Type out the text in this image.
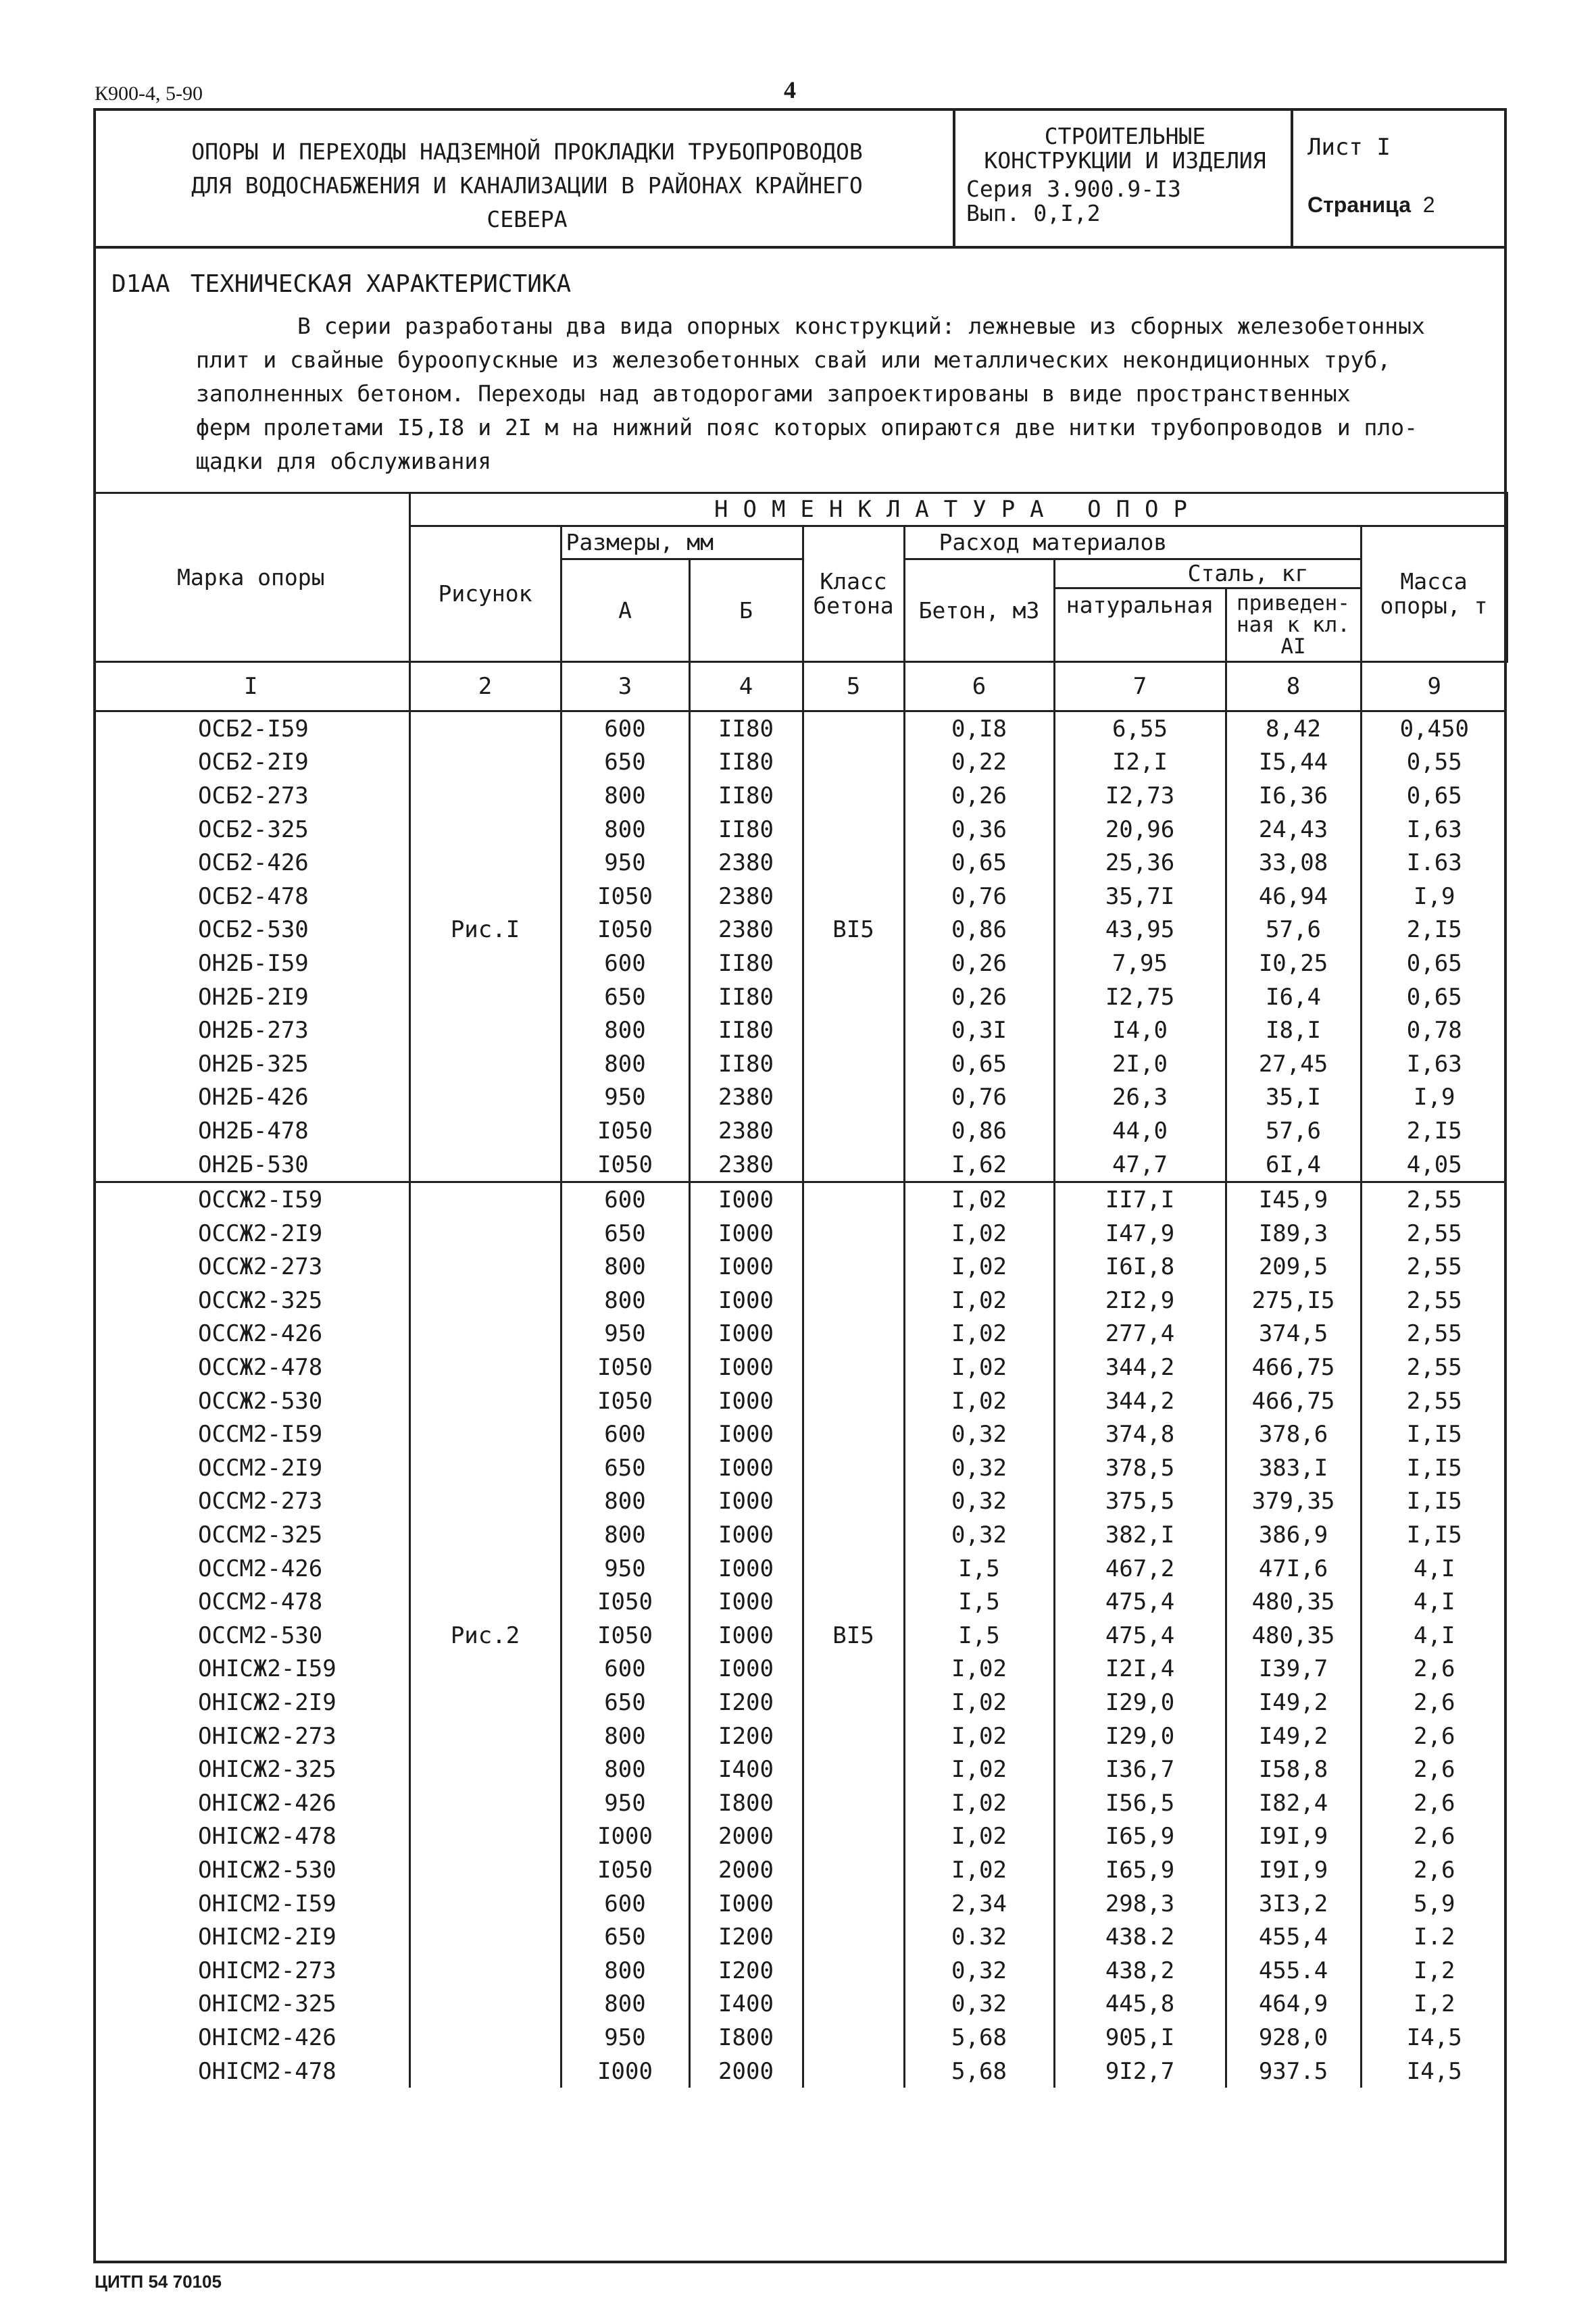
К900-4, 5-90	4
ОПОРЫ И ПЕРЕХОДЫ НАДЗЕМНОЙ ПРОКЛАДКИ ТРУБОПРОВОДОВ
ДЛЯ ВОДОСНАБЖЕНИЯ И КАНАЛИЗАЦИИ В РАЙОНАХ КРАЙНЕГО
СЕВЕРА
СТРОИТЕЛЬНЫЕ
КОНСТРУКЦИИ И ИЗДЕЛИЯ
Серия 3.900.9-I3
Вып. 0,I,2
Лист I
Страница 2
D1AA ТЕХНИЧЕСКАЯ ХАРАКТЕРИСТИКА
В серии разработаны два вида опорных конструкций: лежневые из сборных железобетонных
плит и свайные буроопускные из железобетонных свай или металлических некондиционных труб,
заполненных бетоном. Переходы над автодорогами запроектированы в виде пространственных
ферм пролетами I5,I8 и 2I м на нижний пояс которых опираются две нитки трубопроводов и пло-
щадки для обслуживания
Марка опоры	НОМЕНКЛАТУРА ОПОР							
	Рисунок	Размеры, мм		Класс бетона	Расход материалов			Масса опоры, т
		А	Б		Бетон, м3	Сталь, кг		
						натуральная	приведен-ная к кл. AI	
I	2	3	4	5	6	7	8	9
ОСБ2-I59		600	II80		0,I8	6,55	8,42	0,450
ОСБ2-2I9		650	II80		0,22	I2,I	I5,44	0,55
ОСБ2-273		800	II80		0,26	I2,73	I6,36	0,65
ОСБ2-325		800	II80		0,36	20,96	24,43	I,63
ОСБ2-426		950	2380		0,65	25,36	33,08	I.63
ОСБ2-478		I050	2380		0,76	35,7I	46,94	I,9
ОСБ2-530	Рис.I	I050	2380	BI5	0,86	43,95	57,6	2,I5
ОН2Б-I59		600	II80		0,26	7,95	I0,25	0,65
ОН2Б-2I9		650	II80		0,26	I2,75	I6,4	0,65
ОН2Б-273		800	II80		0,3I	I4,0	I8,I	0,78
ОН2Б-325		800	II80		0,65	2I,0	27,45	I,63
ОН2Б-426		950	2380		0,76	26,3	35,I	I,9
ОН2Б-478		I050	2380		0,86	44,0	57,6	2,I5
ОН2Б-530		I050	2380		I,62	47,7	6I,4	4,05
ОССЖ2-I59		600	I000		I,02	II7,I	I45,9	2,55
ОССЖ2-2I9		650	I000		I,02	I47,9	I89,3	2,55
ОССЖ2-273		800	I000		I,02	I6I,8	209,5	2,55
ОССЖ2-325		800	I000		I,02	2I2,9	275,I5	2,55
ОССЖ2-426		950	I000		I,02	277,4	374,5	2,55
ОССЖ2-478		I050	I000		I,02	344,2	466,75	2,55
ОССЖ2-530		I050	I000		I,02	344,2	466,75	2,55
ОССМ2-I59		600	I000		0,32	374,8	378,6	I,I5
ОССМ2-2I9		650	I000		0,32	378,5	383,I	I,I5
ОССМ2-273		800	I000		0,32	375,5	379,35	I,I5
ОССМ2-325		800	I000		0,32	382,I	386,9	I,I5
ОССМ2-426		950	I000		I,5	467,2	47I,6	4,I
ОССМ2-478		I050	I000		I,5	475,4	480,35	4,I
ОССМ2-530	Рис.2	I050	I000	BI5	I,5	475,4	480,35	4,I
ОНIСЖ2-I59		600	I000		I,02	I2I,4	I39,7	2,6
ОНIСЖ2-2I9		650	I200		I,02	I29,0	I49,2	2,6
ОНIСЖ2-273		800	I200		I,02	I29,0	I49,2	2,6
ОНIСЖ2-325		800	I400		I,02	I36,7	I58,8	2,6
ОНIСЖ2-426		950	I800		I,02	I56,5	I82,4	2,6
ОНIСЖ2-478		I000	2000		I,02	I65,9	I9I,9	2,6
ОНIСЖ2-530		I050	2000		I,02	I65,9	I9I,9	2,6
ОНIСМ2-I59		600	I000		2,34	298,3	3I3,2	5,9
ОНIСМ2-2I9		650	I200		0.32	438.2	455,4	I.2
ОНIСМ2-273		800	I200		0,32	438,2	455.4	I,2
ОНIСМ2-325		800	I400		0,32	445,8	464,9	I,2
ОНIСМ2-426		950	I800		5,68	905,I	928,0	I4,5
ОНIСМ2-478		I000	2000		5,68	9I2,7	937.5	I4,5
ЦИТП 54 70105
